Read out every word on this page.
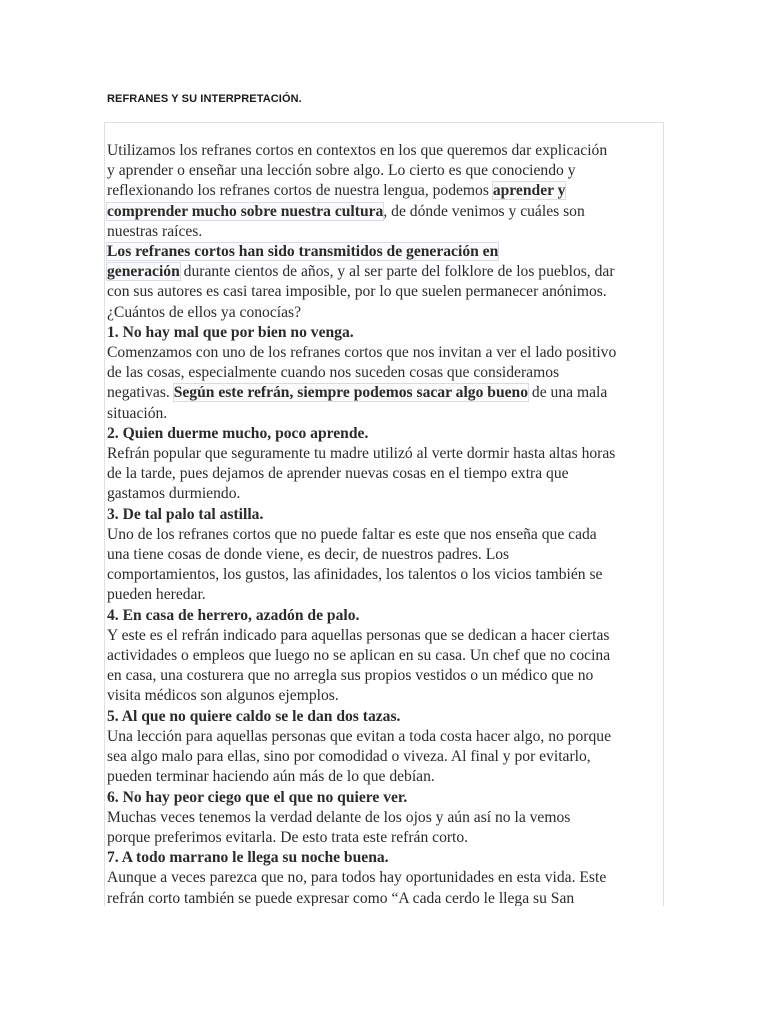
REFRANES Y SU INTERPRETACIÓN.
Utilizamos los refranes cortos en contextos en los que queremos dar explicación
y aprender o enseñar una lección sobre algo. Lo cierto es que conociendo y
reflexionando los refranes cortos de nuestra lengua, podemos aprender y
comprender mucho sobre nuestra cultura, de dónde venimos y cuáles son
nuestras raíces.
Los refranes cortos han sido transmitidos de generación en
generación durante cientos de años, y al ser parte del folklore de los pueblos, dar
con sus autores es casi tarea imposible, por lo que suelen permanecer anónimos.
¿Cuántos de ellos ya conocías?
1. No hay mal que por bien no venga.
Comenzamos con uno de los refranes cortos que nos invitan a ver el lado positivo
de las cosas, especialmente cuando nos suceden cosas que consideramos
negativas. Según este refrán, siempre podemos sacar algo bueno de una mala
situación.
2. Quien duerme mucho, poco aprende.
Refrán popular que seguramente tu madre utilizó al verte dormir hasta altas horas
de la tarde, pues dejamos de aprender nuevas cosas en el tiempo extra que
gastamos durmiendo.
3. De tal palo tal astilla.
Uno de los refranes cortos que no puede faltar es este que nos enseña que cada
una tiene cosas de donde viene, es decir, de nuestros padres. Los
comportamientos, los gustos, las afinidades, los talentos o los vicios también se
pueden heredar.
4. En casa de herrero, azadón de palo.
Y este es el refrán indicado para aquellas personas que se dedican a hacer ciertas
actividades o empleos que luego no se aplican en su casa. Un chef que no cocina
en casa, una costurera que no arregla sus propios vestidos o un médico que no
visita médicos son algunos ejemplos.
5. Al que no quiere caldo se le dan dos tazas.
Una lección para aquellas personas que evitan a toda costa hacer algo, no porque
sea algo malo para ellas, sino por comodidad o viveza. Al final y por evitarlo,
pueden terminar haciendo aún más de lo que debían.
6. No hay peor ciego que el que no quiere ver.
Muchas veces tenemos la verdad delante de los ojos y aún así no la vemos
porque preferimos evitarla. De esto trata este refrán corto.
7. A todo marrano le llega su noche buena.
Aunque a veces parezca que no, para todos hay oportunidades en esta vida. Este
refrán corto también se puede expresar como “A cada cerdo le llega su San
